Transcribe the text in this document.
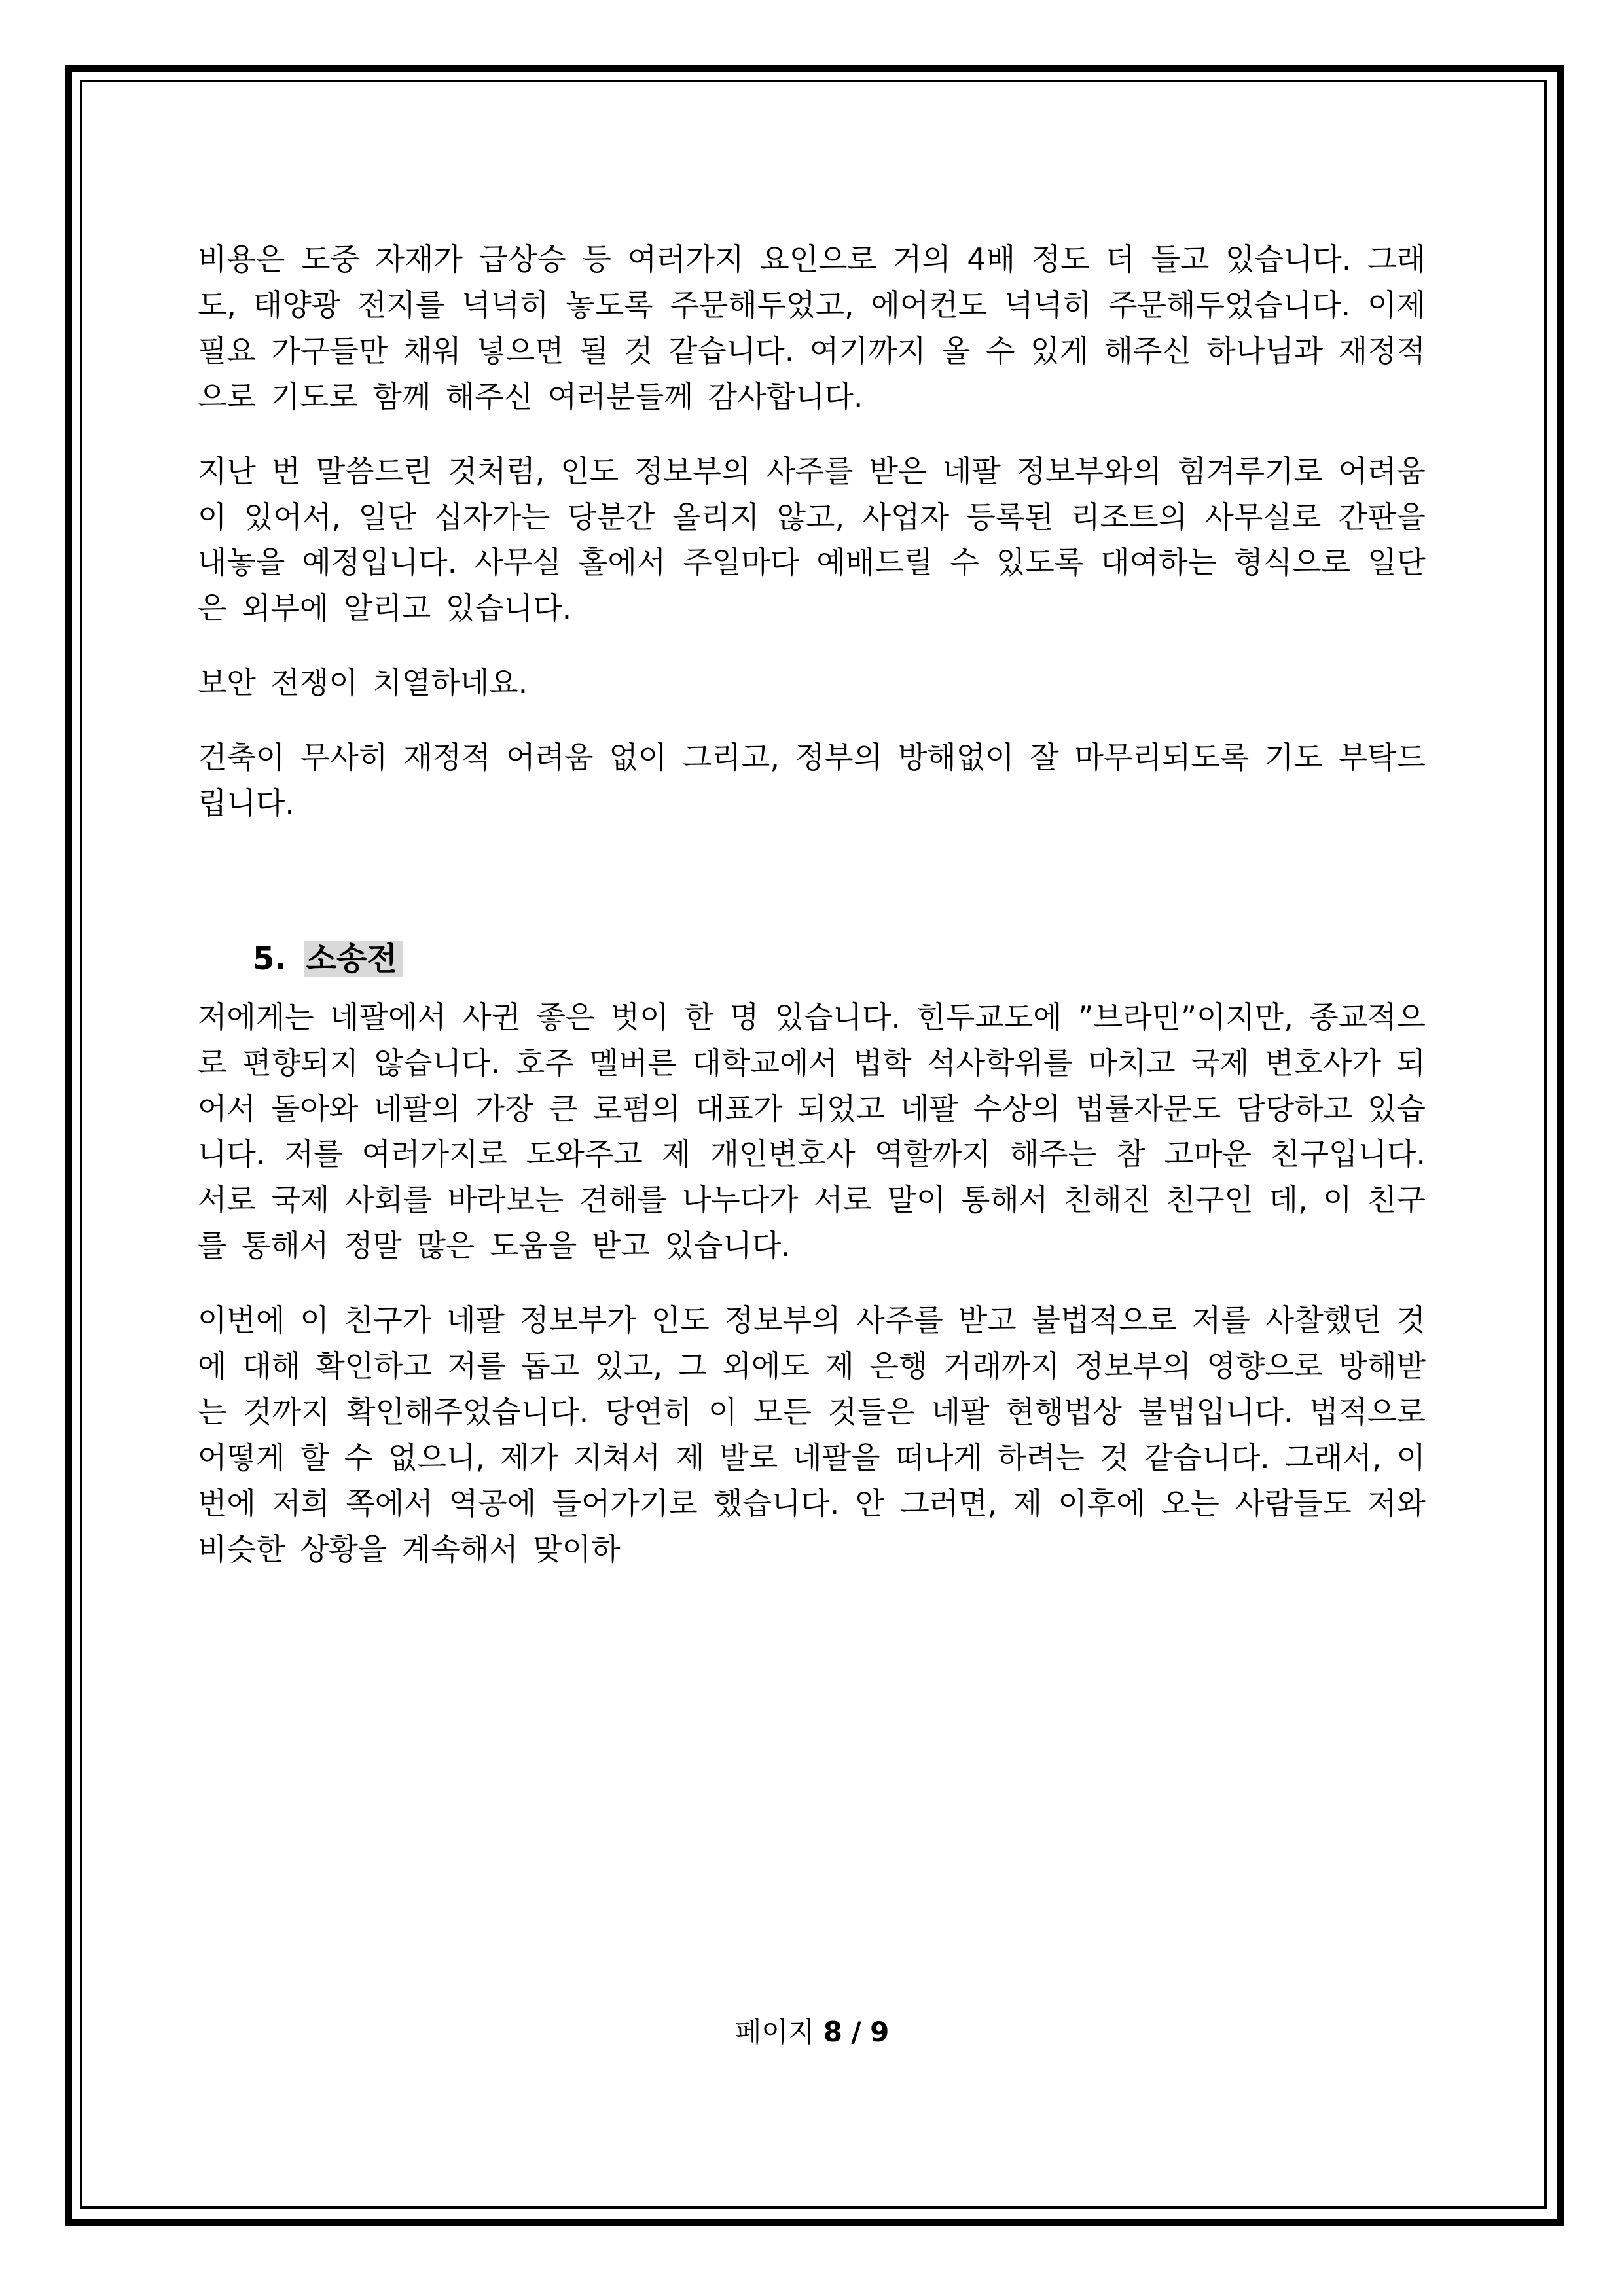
비용은 도중 자재가 급상승 등 여러가지 요인으로 거의 4배 정도 더 들고 있습니다. 그래도, 태양광 전지를 넉넉히 놓도록 주문해두었고, 에어컨도 넉넉히 주문해두었습니다. 이제 필요 가구들만 채워 넣으면 될 것 같습니다. 여기까지 올 수 있게 해주신 하나님과 재정적으로 기도로 함께 해주신 여러분들께 감사합니다.

지난 번 말씀드린 것처럼, 인도 정보부의 사주를 받은 네팔 정보부와의 힘겨루기로 어려움이 있어서, 일단 십자가는 당분간 올리지 않고, 사업자 등록된 리조트의 사무실로 간판을 내놓을 예정입니다. 사무실 홀에서 주일마다 예배드릴 수 있도록 대여하는 형식으로 일단은 외부에 알리고 있습니다.

보안 전쟁이 치열하네요.

건축이 무사히 재정적 어려움 없이 그리고, 정부의 방해없이 잘 마무리되도록 기도 부탁드립니다.

5. 소송전

저에게는 네팔에서 사귄 좋은 벗이 한 명 있습니다. 힌두교도에 ”브라민”이지만, 종교적으로 편향되지 않습니다. 호주 멜버른 대학교에서 법학 석사학위를 마치고 국제 변호사가 되어서 돌아와 네팔의 가장 큰 로펌의 대표가 되었고 네팔 수상의 법률자문도 담당하고 있습니다. 저를 여러가지로 도와주고 제 개인변호사 역할까지 해주는 참 고마운 친구입니다. 서로 국제 사회를 바라보는 견해를 나누다가 서로 말이 통해서 친해진 친구인 데, 이 친구를 통해서 정말 많은 도움을 받고 있습니다.

이번에 이 친구가 네팔 정보부가 인도 정보부의 사주를 받고 불법적으로 저를 사찰했던 것에 대해 확인하고 저를 돕고 있고, 그 외에도 제 은행 거래까지 정보부의 영향으로 방해받는 것까지 확인해주었습니다. 당연히 이 모든 것들은 네팔 현행법상 불법입니다. 법적으로 어떻게 할 수 없으니, 제가 지쳐서 제 발로 네팔을 떠나게 하려는 것 같습니다. 그래서, 이번에 저희 쪽에서 역공에 들어가기로 했습니다. 안 그러면, 제 이후에 오는 사람들도 저와 비슷한 상황을 계속해서 맞이하

페이지 8 / 9
